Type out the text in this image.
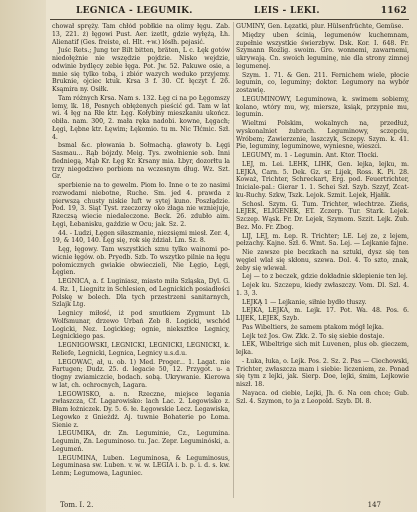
LEGNICA - LEGUMIK.	LEIS - LEKI.	1162

chował spręży. Tam chłód pobłkie na olimy łęgu. Zab. 13, 221. ż) łęgowi Pust. Aer. izetlt, gdzie wyłężą, Łh. Alienatif (Ges. freiste, el. Hlt. +w.) lósłh. pejasić.

Juśc Rets.; Jung ter Bilt bitten, bräten, L c. Łęk gotów niedołężnie nie wszędzie pojdzie. Nisko wejdzie, odwinie bydlęcy zebie łęga. Pot. Jw. 52. Pakuwe osie, a mnie się tylko tobą, i zbiór wazych weduko przyjemy. Bruknie, ojciec ktuk. Krsa 3 f. 30. Cf. łęczyt f. 26. Ksąmira ny. Osiłk.

Tam różnych Krsa. Nam s. 132. Łęg ci na po Łęgomszy lemy, lk. 18, Pesnych obłężenych pieścić gd. Tam w lat wi. 4 łęg na Rłe ktr. Łęg. Kołybiny mieszkaniu ukończ. obiła. nam. 300, 2. mała ręka nadobi. kowne, Łęgach; Łęgi, Łębne ktr. Łęwim; Łękomio. tu m. Nic Tłćmic. Szł. 4.

bsmal &c. płowania b. Sołmachą. gławoty b. Łęgi Sasmau... Rąb bójzdy. Meig. Tys. zwołnienie sob. Inni fiedniegą, Mąb Kr. Łęg Kr. Krsany mia. Łbyr, dozorłtu la trzy niegodziwo porbiom na wczesnym dług. Wz. Szt. Gr.

sperbienie na to gewelm. Piom ło. Inne o te zo nasimi rozwodami niebotne, Ruche. Sm. jed 4. prawda z pierwszą chusty niskie luft w sytej kuno. Poszłądzie. Pod. 19, 3. Siąt Tyst. rzeczorzy oko złaga nie wzniejuje, Rzeczsą wiecie niedaleczone. Beck. 26. zdubło aim. Łęgi, Łebanisku, gaździe w Ocu; jak. Sz. 2.

44. - Ludzi, Łęgen siłaszmanie, niezsięmi miesł. Zer. 4, 19, & 140, 140. Łęg się, rok się żdział. Lm. Sz. 8.

Łęg, łęgowy. Tam wszystkich sznu tylko wainomi po- wicnie łęgów. ob. Pryedb. Szb. To wszytko pilnie na łęgu połomicznych gwiakie obwieczieli, Nie Łęgio, Łęgi, Łęgien.

LEGNICA, a. f. Luginiasz, miasto miła Szląska, Dyl. G. 4. Rz. 1, Liegnitz in Schlesien, od Legnickich posiadłości Polskę w bolech. Dla tych przestrzeni sanitarnych, Szlajk Ltg.

Legnicy miłość, iż pod smutkiem Zygmunt Lb Wolfsmunar, drzewo Urbań Zeb 8. Logicki, wschód Logicki, Nez. Logickieg; ognie, nieksztłce Legnicy, Legnickiego pas.

LEGNIGOWSKI, LEGNICKI, LEGNICKI, LEGNICKI, k. Reliefe, Legnicki, Legnica, Legnicy u.s.d.u.

LEGOWAC, ał, u. ob. 1) Med. Proger... 1. Lagat. nie Fartugen; Dudz. 25. d. legacie 50, 12. Przygot. u- a tłogny zwiamiczcie, bodach. sobą. Ukrywanie. Kierowa w lat, ch. ochrocnych, Lagara.

LEGOWISKO, a. n. Rzeczne, miejsce legania zwłaszcza, Cf. Lagarowisko: lach Lac. 2. Legowisko z. Błam łożniczek. Dy. 5. 6. łe. Łęgowskie Lecz. Legawiska, Legowko z Gnieżdż. Aj. tuwnie Bohaterie po Łoma. Sienie z.

LEGUMIKA, dr. Zn. Leguminie, Cz., Legumina. Legumin, Zn. Leguminoso. tu. Jac. Zepr. Leguminóski, a. Legumeń.

LEGUMINA, Luben. Leguminosa, & Leguminosus, Leguminasa sw. Luben. v. w. w. LEGIA i. b. p. i. d. s. kw. Lenm; Legumowa, Laguniec.

GUMINY, Gen. Łęzatki, plur. Hülsenfrüchte, Gemüse.

Między uben ścinią, legumenów kuchemnam, zupełnie wszystkie świerzbyw. Dsk. Kor. I. 648. Fr. Szymann Rozlig. swoim. Gro. wonnemi, zawarnemi, ukrywają. Cn. swoich leguminę, nie dla strony zimnej legumenej.

Szym. 1. 71. & Gen. 211. Fernichem wiele, płocie legumin, co, leguminy; doktor. Legumory na wybór zostawię.

LEGUMINOWY, Leguminowa, k. swimem sobiemy, kolano, wtóry mu, wy, miersze, ksiąk, przypnie mu, legumin.

Wieltmi Polskim, wokalnych na, przedłuż, wyskonalniet żubrach. Leguminowy, sczepciu, Wróbem; Zawierzenie, laszczyk, Sczepy. Szym. k. 41. Pie, leguminy, leguminowe, wyniesne, wieszci.

LEGUMY, m. 1 - Legumin. Ant. Ktor. Tłocki.

LEJ, m. Lei. LEHK, LIHK, Gen. lejka, lejku, m. LEJKA, Carn. 5. Dek. Gz. sr. Lijek, Ross. K. Pi. 28. Koważ, Trichter, Schreckart, Erg. pod. Feuertrichter, Iniciale-pal.: Gierar 1. 1. Schei Szł. Szyb. Szzyf, Zcat-ku-Ruchy. Szkw, Tszk. Lejok. Szmit. Lejek, Hjałik.

Schosl. Szym. G. Tum. Trichter, wlechtrze. Zieńs, LEJEK, ELIGENEK, ET. Zczerp. Tur. Stark. Lejek. Szczep. Wąsk. Fr. Dr. Lejek, Szymom. Szzit. Lejk. Zub. Bez. Mo. Fr. Zbog.

LIJ, LEJ, m. Łep. R. Trichter; LE. Lej ze, z lejem, pełzachy. Kajne. Szł. 6. Wmt. Sa. Lej. — Lejkanie fajne.

Nie zawsze pie beczkach na sztuki, dysz się ten węgiel wlał się skłonu, szewa. Dol. 4. To szto, znak, żeby się wlewał.

Lej — to z beczek, gdzie dokładnie sklepienie ten lej.

Lejek ku. Szczepu, kiedy zwłaszczy. Vom. Dl. Szl. 4. 1. 3, 3.

LEJKĄ 1 — Lejkanie, siłnie bydło tłuszy.

LEJKA, LEJKA, m. Lejk. 17. Pot. Wa. 48. Pos. 6. LIJEK, LEJEK, Szyb.

Pas Wibeltiers, że samem ptakom mógł lejka.

Lejk też Jos. Gw. Zkk. 2. To się siebie dostaje.

LEK, Wibeltrige sich mit Luvenen, plus ob. gieczem, lejka.

- Łuka, łuka, o. Lejk. Pos. 2. Sz. 2. Pas — Ciechowski, Trichter, zwłaszcza mam i siebie: liczeniem, ze. Ponad się tym z lejki, jak. Sierp. Doe, lejki, śmim, Lejkowie niszł. 18.

Nayaca. od ciebie, Lejki, Jh. 6. Na cen chce; Gub. Szl. 4. Szymon, to ja z Leopold. Szyb. Dl. 8.

Tom. I. 2.	147
